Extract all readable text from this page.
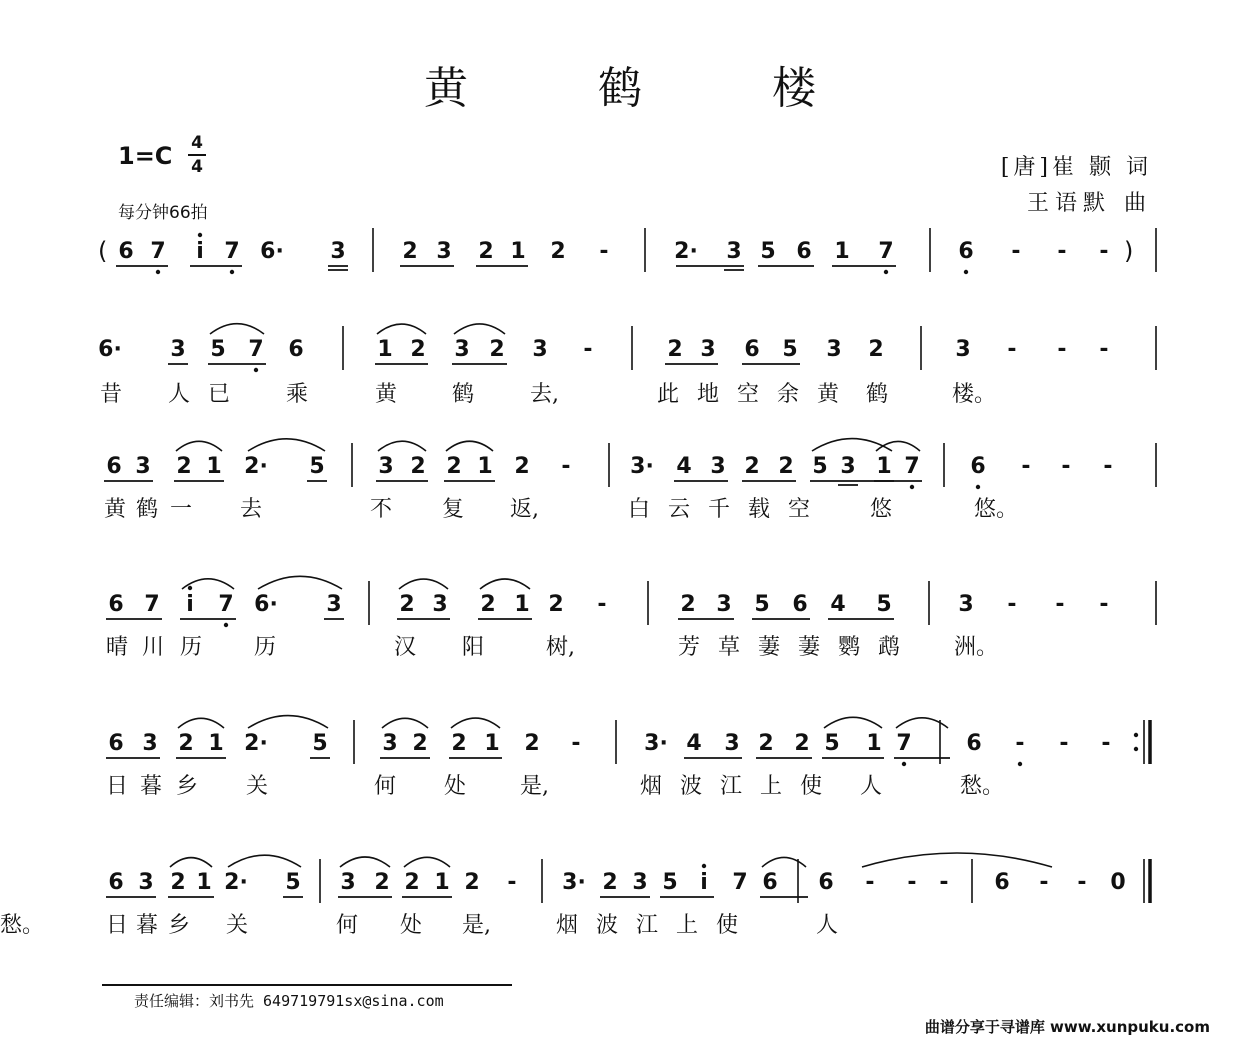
黄 鹤 楼
$1=C \frac{4}{4}$
每分钟66拍
[唐]崔 颢 词
王语默 曲
6 7	i 7 6· 3	2 3 2 1 2	-	2· 3 5 6 1 7	6	-	-	-
6· 3 5 7 6	1 2 3 2 3	-	2 3 6 5 3 2	3	-	-	-
昔 人 已	乘	黄 鹤	去,	此 地 空 余 黄 鹤	楼。
6 3 2 1 2· 5 3 2 2 1 2	-	3· 4 3 2 2 5 3 1 7 6	-	-	-
黄 鹤 一 去	不 复 返,	白 云 千 载 空	悠	悠。
6 7	i	7 6· 3	2 3 2 1 2	-	2 3 5 6 4 5	3	-	-	-
晴 川 历 历	汉 阳	树,	芳 草 萋 萋 鹦 鹉 洲。
6 3 2 1 2· 5 3 2 2 1 2	-	3· 4 3 2 2 5 1 7 6	-	-	-
日 暮 乡 关	何 处 是,	烟 波 江 上 使 人	愁。
6 3 2 1 2· 5 3 2 2 1 2	-	3· 2 3 5	i	7 6 6	-	-	-	6	-	-	0
日 暮 乡 关	何 处 是,	烟 波 江 上 使	人
愁。
(	)
责任编辑：刘书先 649719791sx@sina.com
曲谱分享于寻谱库 www.xunpuku.com
